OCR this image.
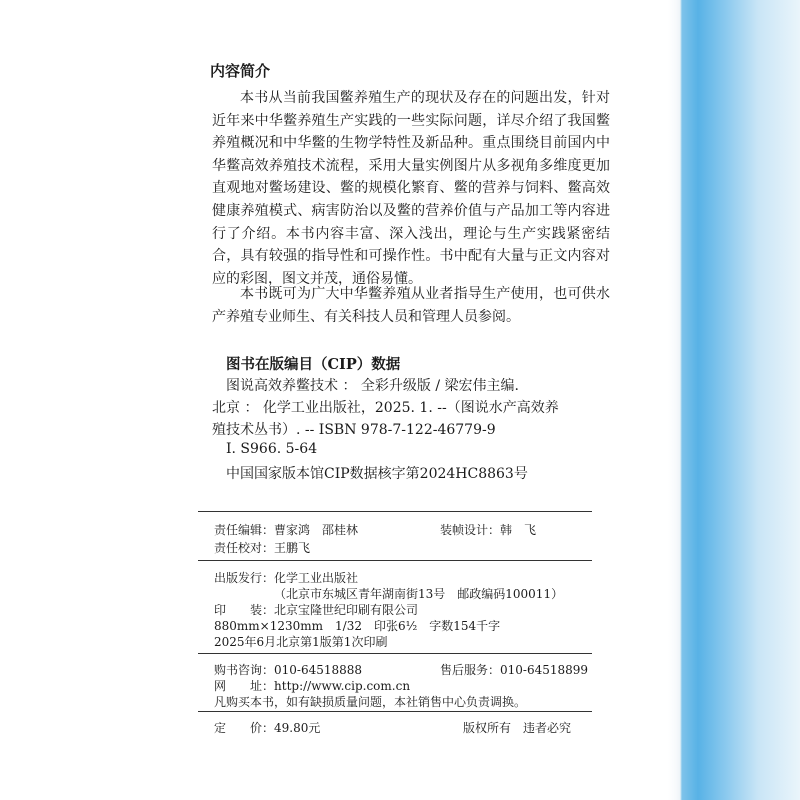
内容简介

本书从当前我国鳖养殖生产的现状及存在的问题出发，针对近年来中华鳖养殖生产实践的一些实际问题，详尽介绍了我国鳖养殖概况和中华鳖的生物学特性及新品种。重点围绕目前国内中华鳖高效养殖技术流程，采用大量实例图片从多视角多维度更加直观地对鳖场建设、鳖的规模化繁育、鳖的营养与饲料、鳖高效健康养殖模式、病害防治以及鳖的营养价值与产品加工等内容进行了介绍。本书内容丰富、深入浅出，理论与生产实践紧密结合，具有较强的指导性和可操作性。书中配有大量与正文内容对应的彩图，图文并茂，通俗易懂。

本书既可为广大中华鳖养殖从业者指导生产使用，也可供水产养殖专业师生、有关科技人员和管理人员参阅。

图书在版编目（CIP）数据
图说高效养鳖技术 ： 全彩升级版 / 梁宏伟主编.
北京 ： 化学工业出版社，2025. 1. --（图说水产高效养
殖技术丛书）. -- ISBN 978-7-122-46779-9
Ⅰ. S966. 5-64
中国国家版本馆CIP数据核字第2024HC8863号
责任编辑：曹家鸿　邵桂林	装帧设计：韩　飞
责任校对：王鹏飞
出版发行：化学工业出版社
（北京市东城区青年湖南街13号　邮政编码100011）
印　　装：北京宝隆世纪印刷有限公司
880mm×1230mm　1/32　印张6½　字数154千字
2025年6月北京第1版第1次印刷
购书咨询：010-64518888	售后服务：010-64518899
网　　址：http://www.cip.com.cn
凡购买本书，如有缺损质量问题，本社销售中心负责调换。
定　　价：49.80元	版权所有　违者必究
